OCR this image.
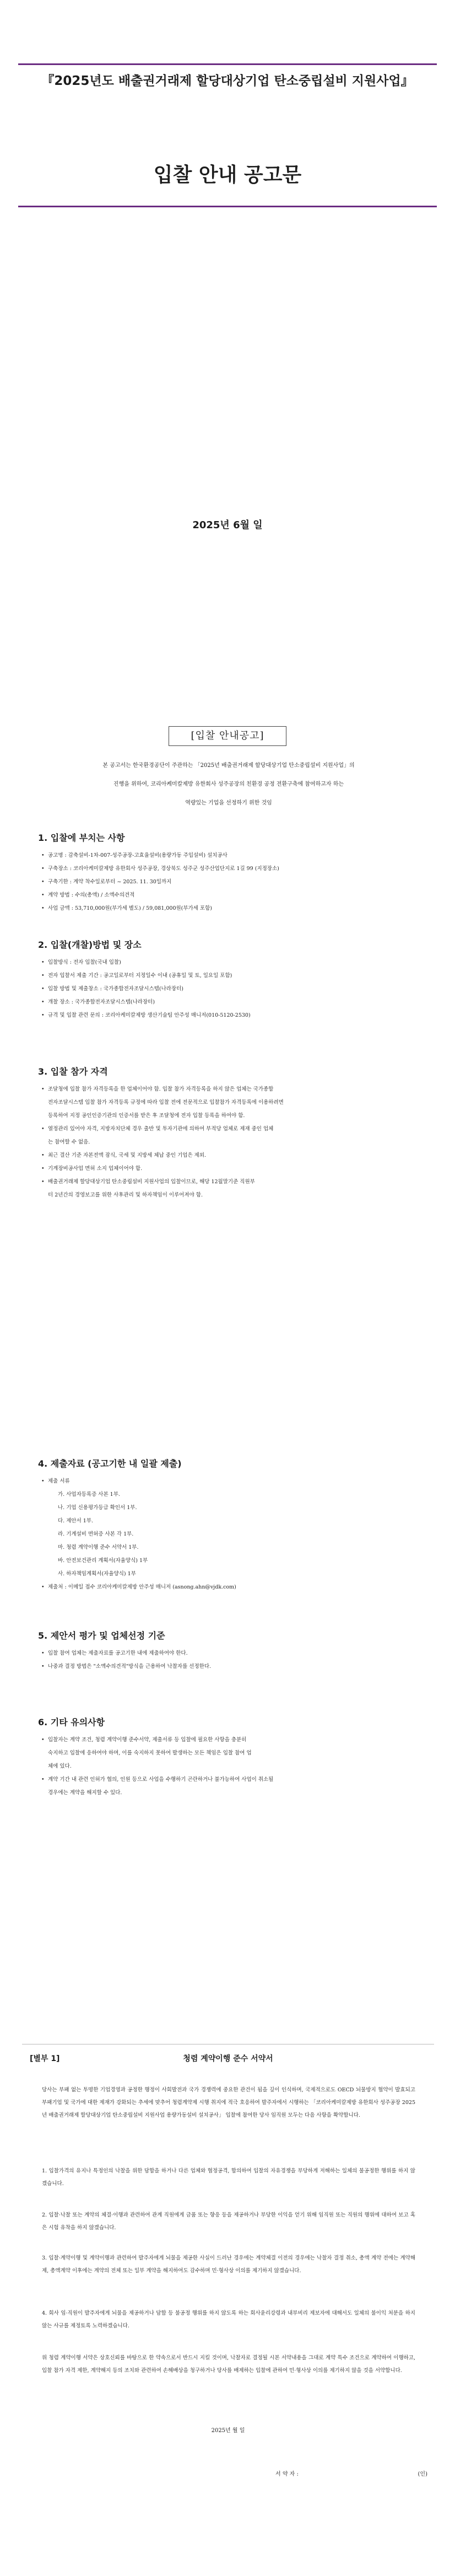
『2025년도 배출권거래제 할당대상기업 탄소중립설비 지원사업』
입찰 안내 공고문
2025년 6월 일
[입찰 안내공고]
본 공고서는 한국환경공단이 주관하는 「2025년 배출권거래제 할당대상기업 탄소중립설비 지원사업」의
진행을 위하여, 코리아케미칼제방 유한회사 성주공장의 친환경 공정 전환구축에 참여하고자 하는
역량있는 기업을 선정하기 위한 것임
1. 입찰에 부치는 사항
• 공고명 : 감축설비-1차-007-성주공장-고효율설비(용량가동 주입설비) 설치공사
• 구축장소 : 코리아케미칼제방 유한회사 성주공장, 경상북도 성주군 성주산업단지로 1길 99 (지정장소)
• 구축기한 : 계약 착수일로부터 ~ 2025. 11. 30일까지
• 계약 방법 : 수의(총액) / 소액수의견적
• 사업 금액 : 53,710,000원(부가세 별도) / 59,081,000원(부가세 포함)
2. 입찰(개찰)방법 및 장소
• 입찰방식 : 전자 입찰(국내 입찰)
• 전자 입찰서 제출 기간 : 공고일로부터 지정일수 이내 (공휴일 및 토, 일요일 포함)
• 입찰 방법 및 제출창소 : 국가종합전자조달시스템(나라장터)
• 개찰 장소 : 국가종합전자조달시스템(나라장터)
• 규격 및 입찰 관련 문의 : 코리아케미칼제방 생산기술팀 안주성 매니저(010-5120-2530)
3. 입찰 참가 자격
• 조달청에 입찰 참가 자격등록을 한 업체이어야 함. 입찰 참가 자격등록을 하지 않은 업체는 국가종합
전자조달시스템 입찰 참가 자격등록 규정에 따라 입찰 전에 전문적으로 입찰참가 자격등록에 이용하려면
등록하여 지정 공인인증기관의 인증서를 받은 후 조달청에 전자 입찰 등록을 하여야 함.
• 열정관리 있어야 자격, 지방자치단체 경우 출반 및 투자기관에 의하여 부적당 업체로 제재 중인 업체
는 참여할 수 없음.
• 최근 결산 기준 자본전액 잠식, 국세 및 지방세 체납 중인 기업은 제외.
• 기계장비공사업 면허 소지 업체이어야 함.
• 배출권거래제 할당대상기업 탄소중립설비 지원사업의 입찰이므로, 해당 12월말기준 직원부
터 2년간의 경영보고를 위한 사후관리 및 하자책임이 이루어져야 함.
4. 제출자료 (공고기한 내 일괄 제출)
• 제출 서류
가. 사업자등록증 사본 1부.
나. 기업 신용평가등급 확인서 1부.
다. 제안서 1부.
라. 기계설비 면허증 사본 각 1부.
마. 청렴 계약이행 준수 서약서 1부.
바. 안전보건관리 계획서(자율양식) 1부
사. 하자책임계획서(자율양식) 1부
• 제출처 : 이메일 접수 코리아케미칼제방 안주성 매니저 (asnong.ahn@vjdk.com)
5. 제안서 평가 및 업체선정 기준
• 입찰 참여 업체는 제출자료를 공고기한 내에 제출하여야 한다.
• 나중과 결정 방법은 "소액수의견적"방식을 근용하여 낙찰자를 선정한다.
6. 기타 유의사항
• 입찰자는 계약 조건, 청렴 계약이행 준수서약, 제출서류 등 입찰에 필요한 사항을 충분히
숙지하고 입찰에 응하여야 하며, 이를 숙지하지 못하여 발생하는 모든 책임은 입찰 참여 업
체에 있다.
• 계약 기간 내 관련 인허가 협의, 인원 등으로 사업을 수행하기 곤란하거나 불가능하여 사업이 취소될
경우에는 계약을 해지할 수 있다.
[별부 1]	청렴 계약이행 준수 서약서
당사는 부패 없는 투명한 기업경영과 공정한 행정이 사회발전과 국가 경쟁력에 중요한 관건이 됨을 깊이 인식하며, 국제적으로도 OECD 뇌물방지 협약이 발효되고 부패기업 및 국가에 대한 제재가 강화되는 추세에 맞추어 청렴계약제 시행 취지에 적극 호응하여 발주자에서 시행하는 「코리아케미칼제방 유한회사 성주공장 2025년 배출권거래제 할당대상기업 탄소중립설비 지원사업 용량가동설비 설치공사」 입찰에 참여한 당사 임직원 모두는 다음 사항을 확약합니다.
1. 입찰가격의 유지나 특정인의 낙찰을 위한 담합을 하거나 다른 업체와 협정공격, 합의하여 입찰의 자유경쟁을 부당하게 저해하는 일체의 불공정한 행위를 하지 않겠습니다.
2. 입찰·낙찰 또는 계약의 체결·이행과 관련하여 관계 직원에게 금품 또는 향응 등을 제공하거나 부당한 이익을 얻기 위해 임직원 또는 직원의 행위에 대하여 보고 혹은 시험 유착을 하지 않겠습니다.
3. 입찰·계약이행 및 계약이행과 관련하여 발주자에게 뇌물을 제공한 사실이 드러난 경우에는 계약체결 이전의 경우에는 낙찰자 결정 취소, 총액 계약 전에는 계약해제, 총액계약 이후에는 계약의 전체 또는 일부 계약을 해지하여도 감수하며 민·형사상 이의를 제기하지 않겠습니다.
4. 회사 임·직원이 발주자에게 뇌물을 제공하거나 담합 등 불공정 행위를 하지 않도록 하는 회사윤리강령과 내부비리 제보자에 대해서도 일체의 불이익 처분을 하지 않는 사규를 제정토록 노력하겠습니다.
위 청렴 계약이행 서약은 상호신뢰를 바탕으로 한 약속으로서 반드시 지킬 것이며, 낙찰자로 결정될 시본 서약내용을 그대로 계약 특수 조건으로 계약하여 이행하고, 입찰 참가 자격 제한, 계약해지 등의 조치와 관련하여 손해배상을 청구하거나 당사를 배제하는 입찰에 관하여 민·형사상 이의를 제기하지 않을 것을 서약합니다.
2025년 월 일
서 약 자 :	(인)
